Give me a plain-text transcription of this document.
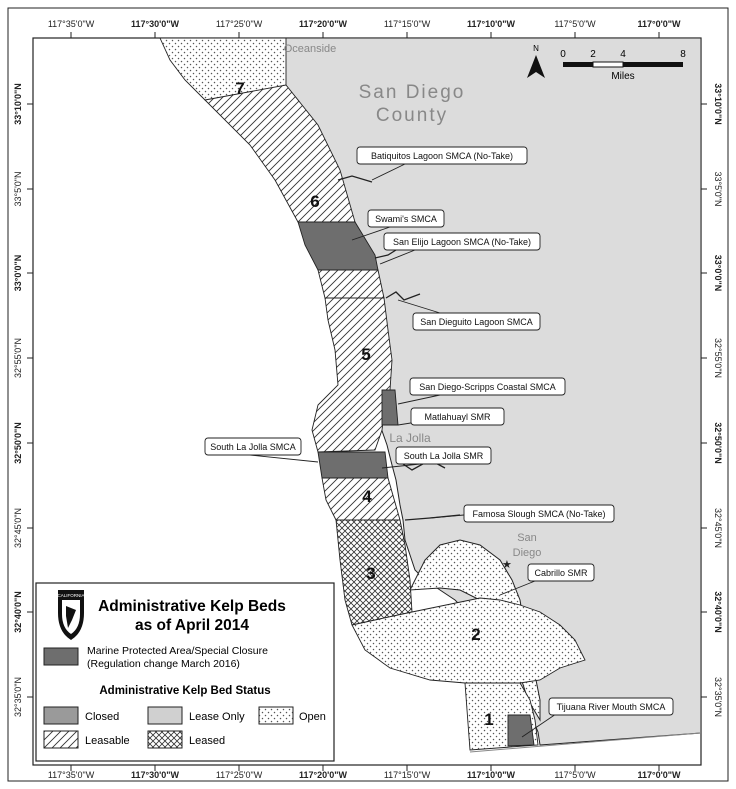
Oceanside
San Diego
County
La Jolla
San
Diego
★
7
6
5
4
3
2
1
Batiquitos Lagoon SMCA (No-Take)
Swami's SMCA
San Elijo Lagoon SMCA (No-Take)
San Dieguito Lagoon SMCA
San Diego-Scripps Coastal SMCA
Matlahuayl SMR
South La Jolla SMCA
South La Jolla SMR
Famosa Slough SMCA (No-Take)
Cabrillo SMR
Tijuana River Mouth SMCA
117°35'0"W
117°35'0"W
117°30'0"W
117°30'0"W
117°25'0"W
117°25'0"W
117°20'0"W
117°20'0"W
117°15'0"W
117°15'0"W
117°10'0"W
117°10'0"W
117°5'0"W
117°5'0"W
117°0'0"W
117°0'0"W
33°10'0"N	33°10'0"N
33°5'0"N	33°5'0"N
33°0'0"N	33°0'0"N
32°55'0"N	32°55'0"N
32°50'0"N	32°50'0"N
32°45'0"N	32°45'0"N
32°40'0"N	32°40'0"N
32°35'0"N	32°35'0"N
N
0 2 4	8
Miles
CALIFORNIA
Administrative Kelp Beds
as of April 2014
Marine Protected Area/Special Closure
(Regulation change March 2016)
Administrative Kelp Bed Status
Closed	Lease Only	Open
Leasable	Leased
